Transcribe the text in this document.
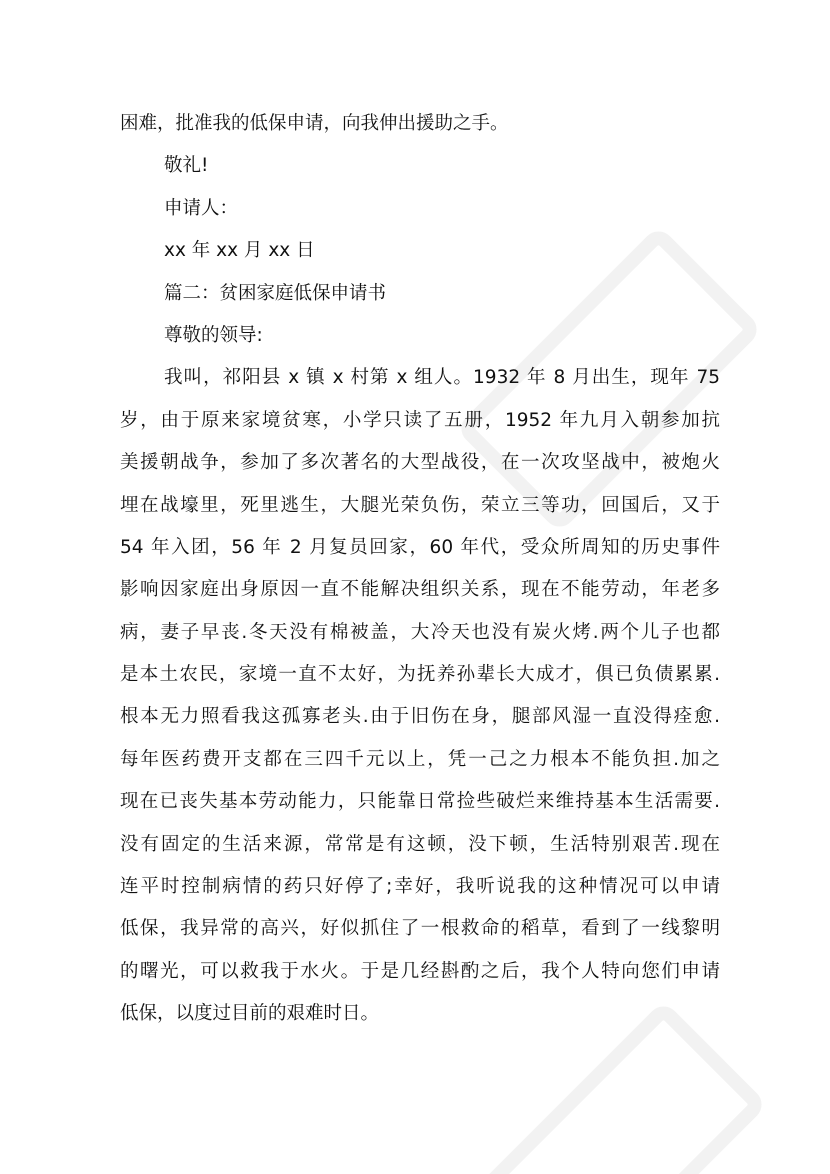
困难，批准我的低保申请，向我伸出援助之手。
敬礼!
申请人：
xx 年 xx 月 xx 日
篇二：贫困家庭低保申请书
尊敬的领导:
我叫，祁阳县 x 镇 x 村第 x 组人。1932 年 8 月出生，现年 75
岁，由于原来家境贫寒，小学只读了五册，1952 年九月入朝参加抗
美援朝战争，参加了多次著名的大型战役，在一次攻坚战中，被炮火
埋在战壕里，死里逃生，大腿光荣负伤，荣立三等功，回国后，又于
54 年入团，56 年 2 月复员回家，60 年代，受众所周知的历史事件
影响因家庭出身原因一直不能解决组织关系，现在不能劳动，年老多
病，妻子早丧.冬天没有棉被盖，大冷天也没有炭火烤.两个儿子也都
是本土农民，家境一直不太好，为抚养孙辈长大成才，俱已负债累累.
根本无力照看我这孤寡老头.由于旧伤在身，腿部风湿一直没得痊愈.
每年医药费开支都在三四千元以上，凭一己之力根本不能负担.加之
现在已丧失基本劳动能力，只能靠日常捡些破烂来维持基本生活需要.
没有固定的生活来源，常常是有这顿，没下顿，生活特别艰苦.现在
连平时控制病情的药只好停了;幸好，我听说我的这种情况可以申请
低保，我异常的高兴，好似抓住了一根救命的稻草，看到了一线黎明
的曙光，可以救我于水火。于是几经斟酌之后，我个人特向您们申请
低保，以度过目前的艰难时日。
